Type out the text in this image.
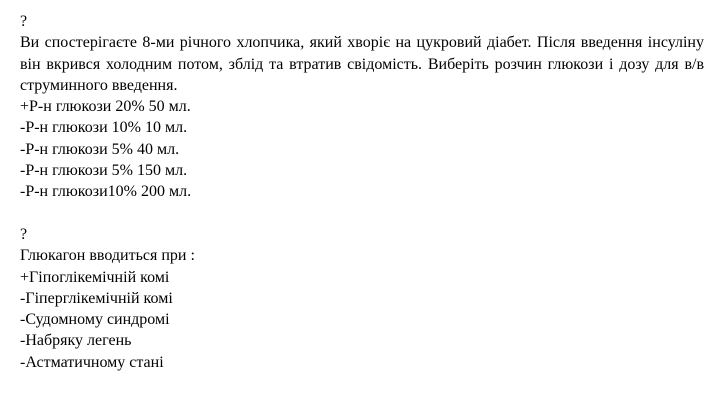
?

Ви спостерігаєте 8-ми річного хлопчика, який хворіє на цукровий діабет. Після введення інсуліну він вкрився холодним потом, зблід та втратив свідомість. Виберіть розчин глюкози і дозу для в/в струминного введення.

+Р-н глюкози 20% 50 мл.

-Р-н глюкози 10% 10 мл.

-Р-н глюкози 5% 40 мл.

-Р-н глюкози 5% 150 мл.

-Р-н глюкози10% 200 мл.

?

Глюкагон вводиться при :

+Гіпоглікемічній комі

-Гіперглікемічній комі

-Судомному синдромі

-Набряку легень

-Астматичному стані
